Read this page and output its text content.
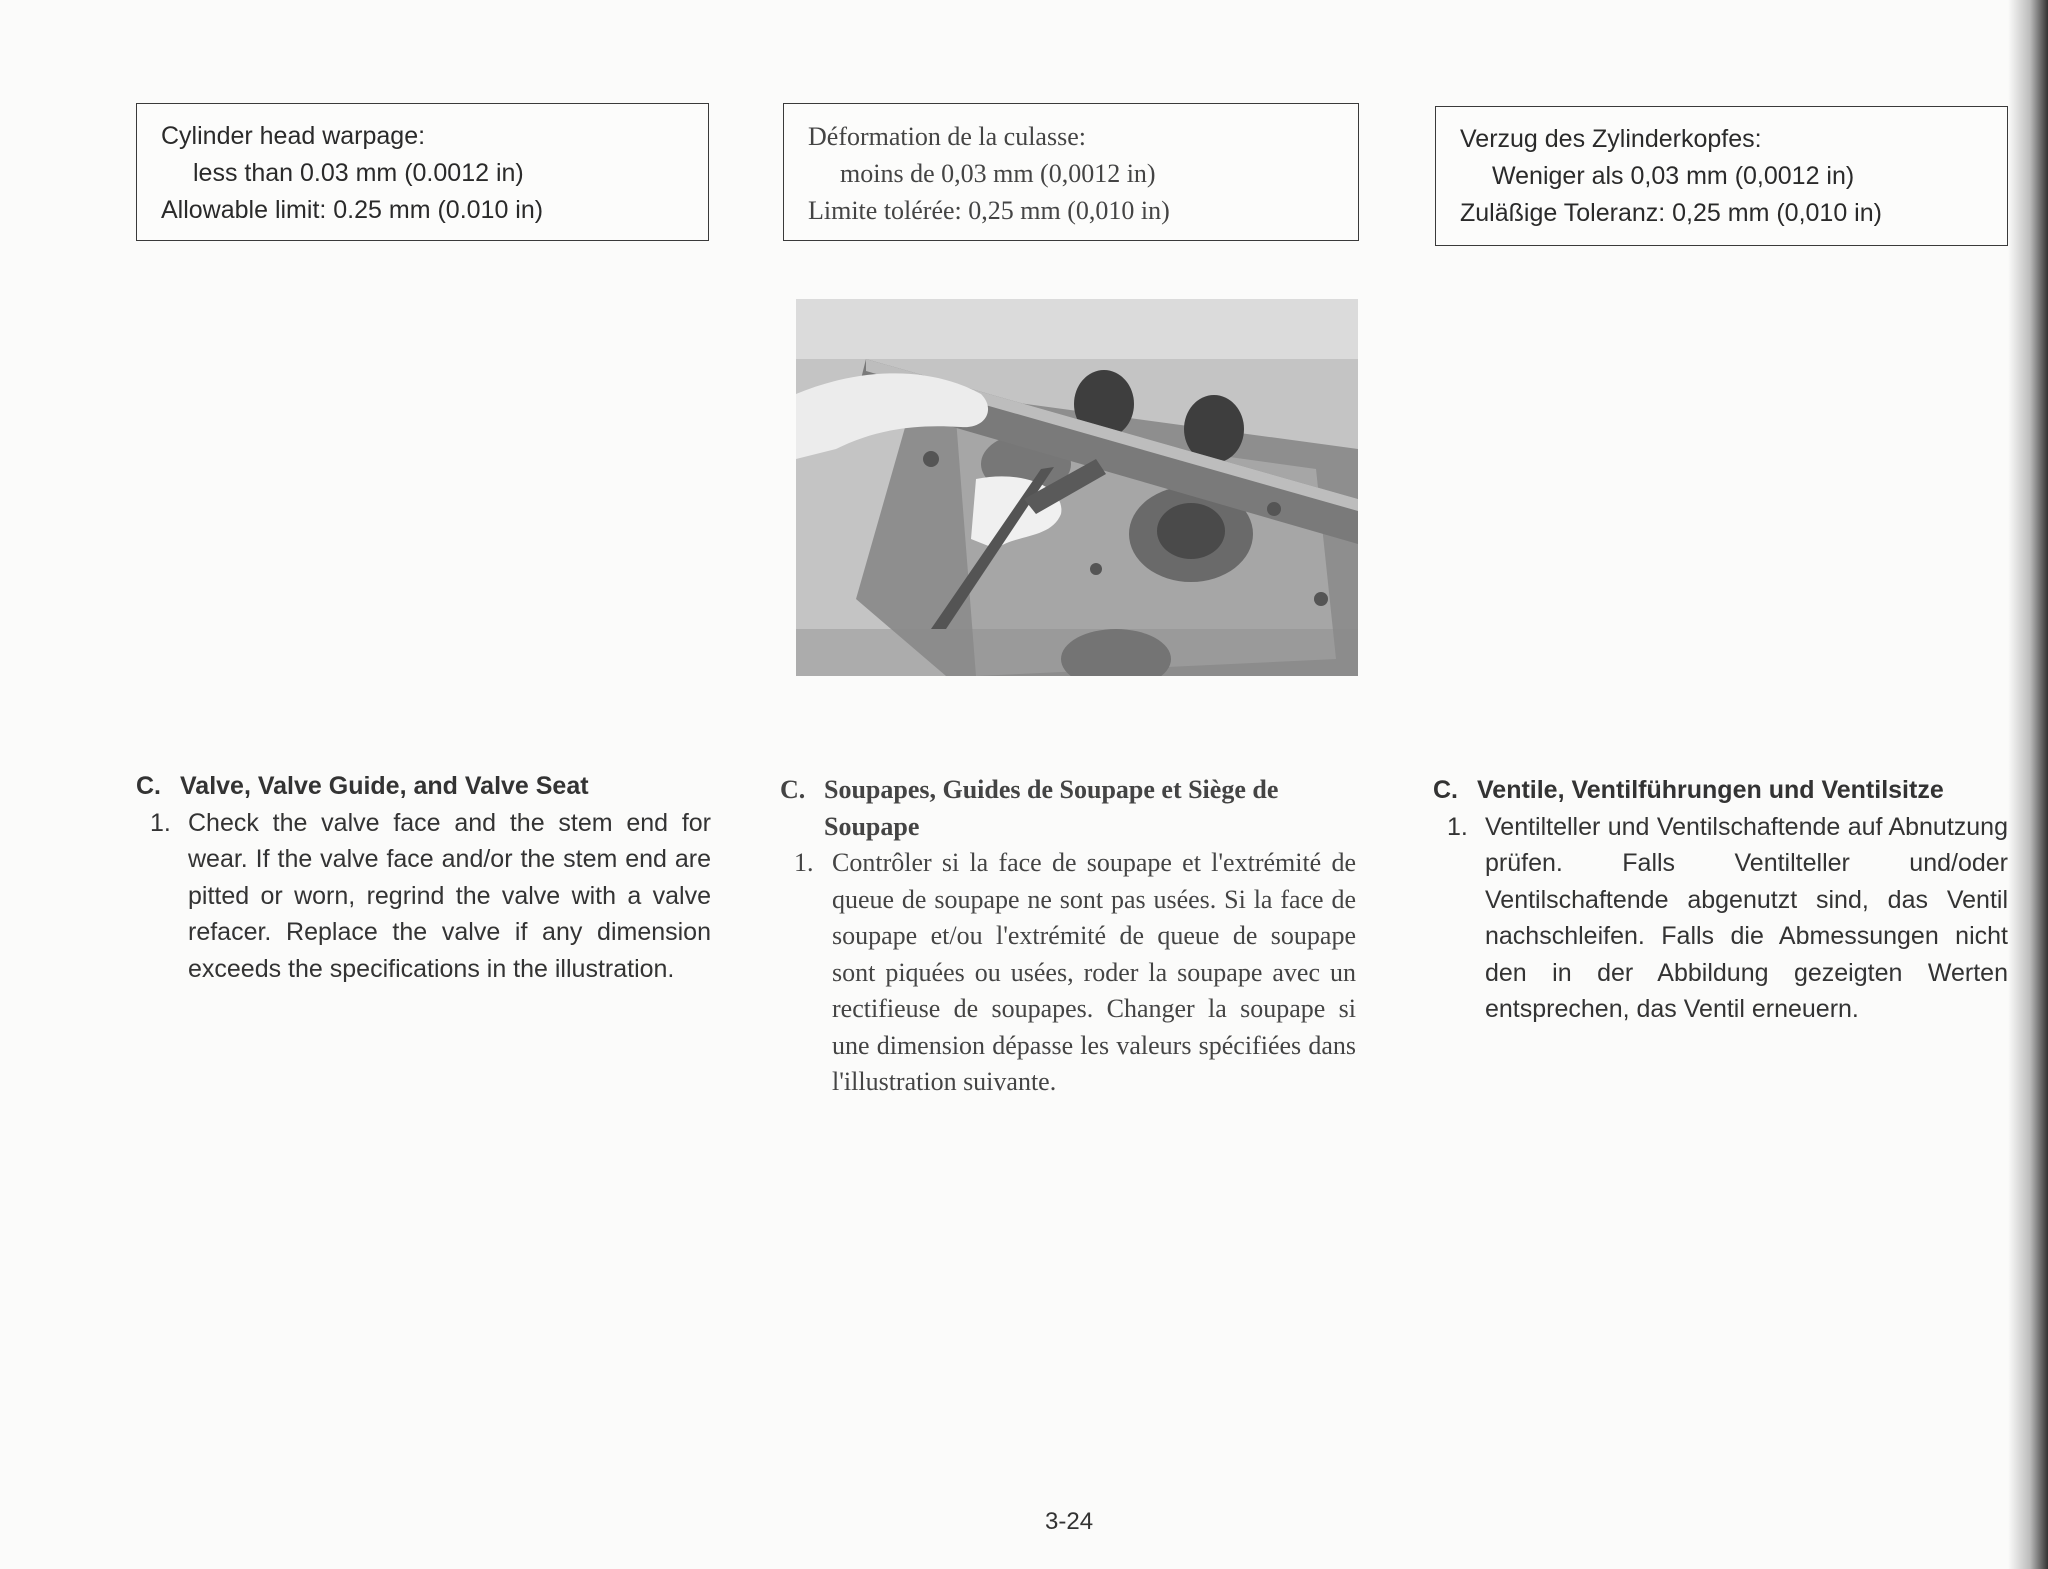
Cylinder head warpage:
less than 0.03 mm (0.0012 in)
Allowable limit: 0.25 mm (0.010 in)
Déformation de la culasse:
moins de 0,03 mm (0,0012 in)
Limite tolérée: 0,25 mm (0,010 in)
Verzug des Zylinderkopfes:
Weniger als 0,03 mm (0,0012 in)
Zuläßige Toleranz: 0,25 mm (0,010 in)
C. Valve, Valve Guide, and Valve Seat
1. Check the valve face and the stem end for wear. If the valve face and/or the stem end are pitted or worn, regrind the valve with a valve refacer. Replace the valve if any dimension exceeds the specifications in the illustration.
C. Soupapes, Guides de Soupape et Siège de Soupape
1. Contrôler si la face de soupape et l'extrémité de queue de soupape ne sont pas usées. Si la face de soupape et/ou l'extrémité de queue de soupape sont piquées ou usées, roder la soupape avec un rectifieuse de soupapes. Changer la soupape si une dimension dépasse les valeurs spécifiées dans l'illustration suivante.
C. Ventile, Ventilführungen und Ventilsitze
1. Ventilteller und Ventilschaftende auf Abnutzung prüfen. Falls Ventilteller und/oder Ventilschaftende abgenutzt sind, das Ventil nachschleifen. Falls die Abmessungen nicht den in der Abbildung gezeigten Werten entsprechen, das Ventil erneuern.
3-24
